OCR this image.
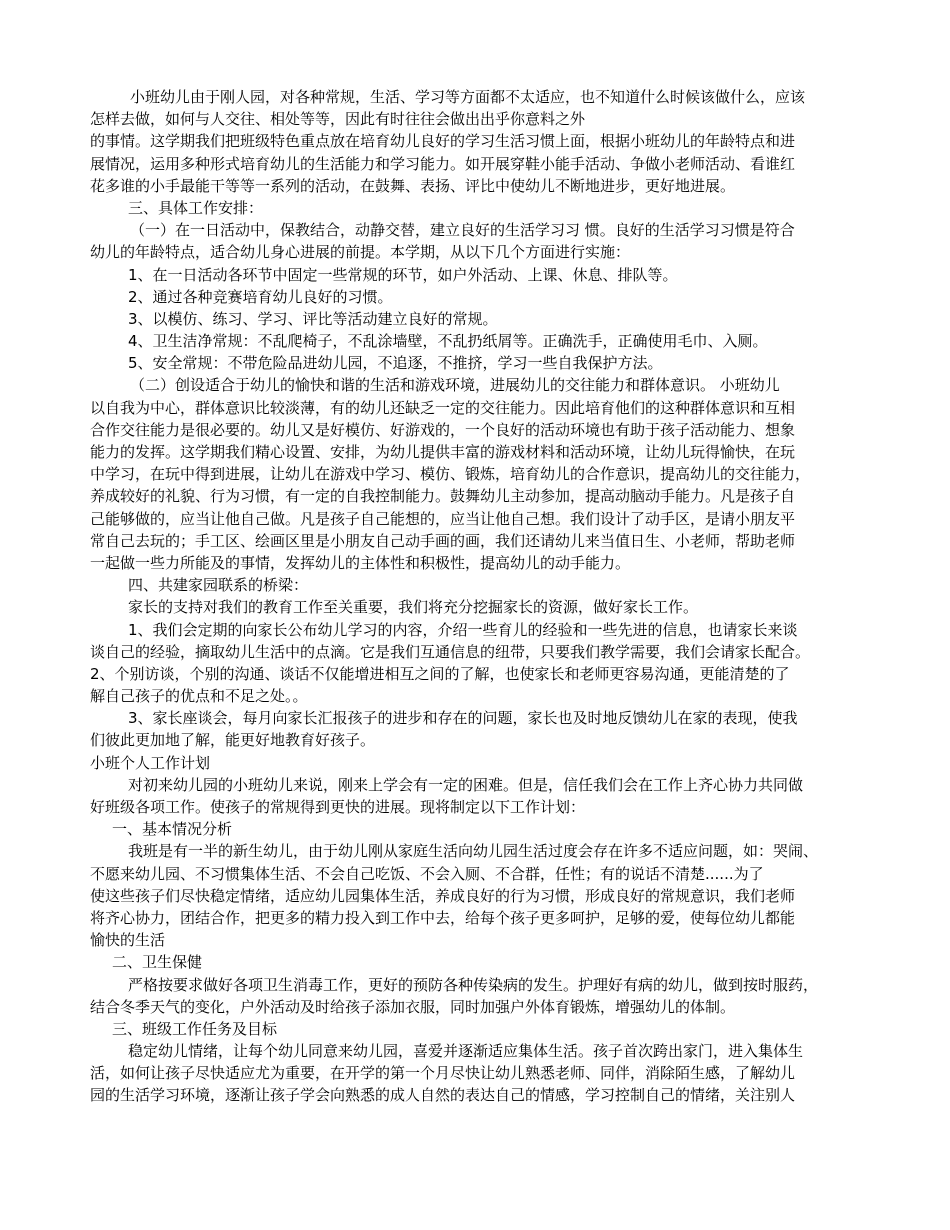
小班幼儿由于刚人园，对各种常规，生活、学习等方面都不太适应，也不知道什么时候该做什么，应该
怎样去做，如何与人交往、相处等等，因此有时往往会做出出乎你意料之外
的事情。这学期我们把班级特色重点放在培育幼儿良好的学习生活习惯上面，根据小班幼儿的年龄特点和进
展情况，运用多种形式培育幼儿的生活能力和学习能力。如开展穿鞋小能手活动、争做小老师活动、看谁红
花多谁的小手最能干等等一系列的活动，在鼓舞、表扬、评比中使幼儿不断地进步，更好地进展。
三、具体工作安排：
（一）在一日活动中，保教结合，动静交替，建立良好的生活学习习 惯。良好的生活学习习惯是符合
幼儿的年龄特点，适合幼儿身心进展的前提。本学期，从以下几个方面进行实施：
1、在一日活动各环节中固定一些常规的环节，如户外活动、上课、休息、排队等。
2、通过各种竞赛培育幼儿良好的习惯。
3、以模仿、练习、学习、评比等活动建立良好的常规。
4、卫生洁净常规：不乱爬椅子，不乱涂墙壁，不乱扔纸屑等。正确洗手，正确使用毛巾、入厕。
5、安全常规：不带危险品进幼儿园，不追逐，不推挤，学习一些自我保护方法。
（二）创设适合于幼儿的愉快和谐的生活和游戏环境，进展幼儿的交往能力和群体意识。 小班幼儿
以自我为中心，群体意识比较淡薄，有的幼儿还缺乏一定的交往能力。因此培育他们的这种群体意识和互相
合作交往能力是很必要的。幼儿又是好模仿、好游戏的，一个良好的活动环境也有助于孩子活动能力、想象
能力的发挥。这学期我们精心设置、安排，为幼儿提供丰富的游戏材料和活动环境，让幼儿玩得愉快，在玩
中学习，在玩中得到进展，让幼儿在游戏中学习、模仿、锻炼，培育幼儿的合作意识，提高幼儿的交往能力，
养成较好的礼貌、行为习惯，有一定的自我控制能力。鼓舞幼儿主动参加，提高动脑动手能力。凡是孩子自
己能够做的，应当让他自己做。凡是孩子自己能想的，应当让他自己想。我们设计了动手区，是请小朋友平
常自己去玩的；手工区、绘画区里是小朋友自己动手画的画，我们还请幼儿来当值日生、小老师，帮助老师
一起做一些力所能及的事情，发挥幼儿的主体性和积极性，提高幼儿的动手能力。
四、共建家园联系的桥梁：
家长的支持对我们的教育工作至关重要，我们将充分挖掘家长的资源，做好家长工作。
1、我们会定期的向家长公布幼儿学习的内容，介绍一些育儿的经验和一些先进的信息，也请家长来谈
谈自己的经验，摘取幼儿生活中的点滴。它是我们互通信息的纽带，只要我们教学需要，我们会请家长配合。
2、个别访谈，个别的沟通、谈话不仅能增进相互之间的了解，也使家长和老师更容易沟通，更能清楚的了
解自己孩子的优点和不足之处。。
3、家长座谈会，每月向家长汇报孩子的进步和存在的问题，家长也及时地反馈幼儿在家的表现，使我
们彼此更加地了解，能更好地教育好孩子。
小班个人工作计划
对初来幼儿园的小班幼儿来说，刚来上学会有一定的困难。但是，信任我们会在工作上齐心协力共同做
好班级各项工作。使孩子的常规得到更快的进展。现将制定以下工作计划：
一、基本情况分析
我班是有一半的新生幼儿，由于幼儿刚从家庭生活向幼儿园生活过度会存在许多不适应问题，如：哭闹、
不愿来幼儿园、不习惯集体生活、不会自己吃饭、不会入厕、不合群，任性；有的说话不清楚......为了
使这些孩子们尽快稳定情绪，适应幼儿园集体生活，养成良好的行为习惯，形成良好的常规意识，我们老师
将齐心协力，团结合作，把更多的精力投入到工作中去，给每个孩子更多呵护，足够的爱，使每位幼儿都能
愉快的生活
二、卫生保健
严格按要求做好各项卫生消毒工作，更好的预防各种传染病的发生。护理好有病的幼儿，做到按时服药，
结合冬季天气的变化，户外活动及时给孩子添加衣服，同时加强户外体育锻炼，增强幼儿的体制。
三、班级工作任务及目标
稳定幼儿情绪，让每个幼儿同意来幼儿园，喜爱并逐渐适应集体生活。孩子首次跨出家门，进入集体生
活，如何让孩子尽快适应尤为重要，在开学的第一个月尽快让幼儿熟悉老师、同伴，消除陌生感，了解幼儿
园的生活学习环境，逐渐让孩子学会向熟悉的成人自然的表达自己的情感，学习控制自己的情绪，关注别人
